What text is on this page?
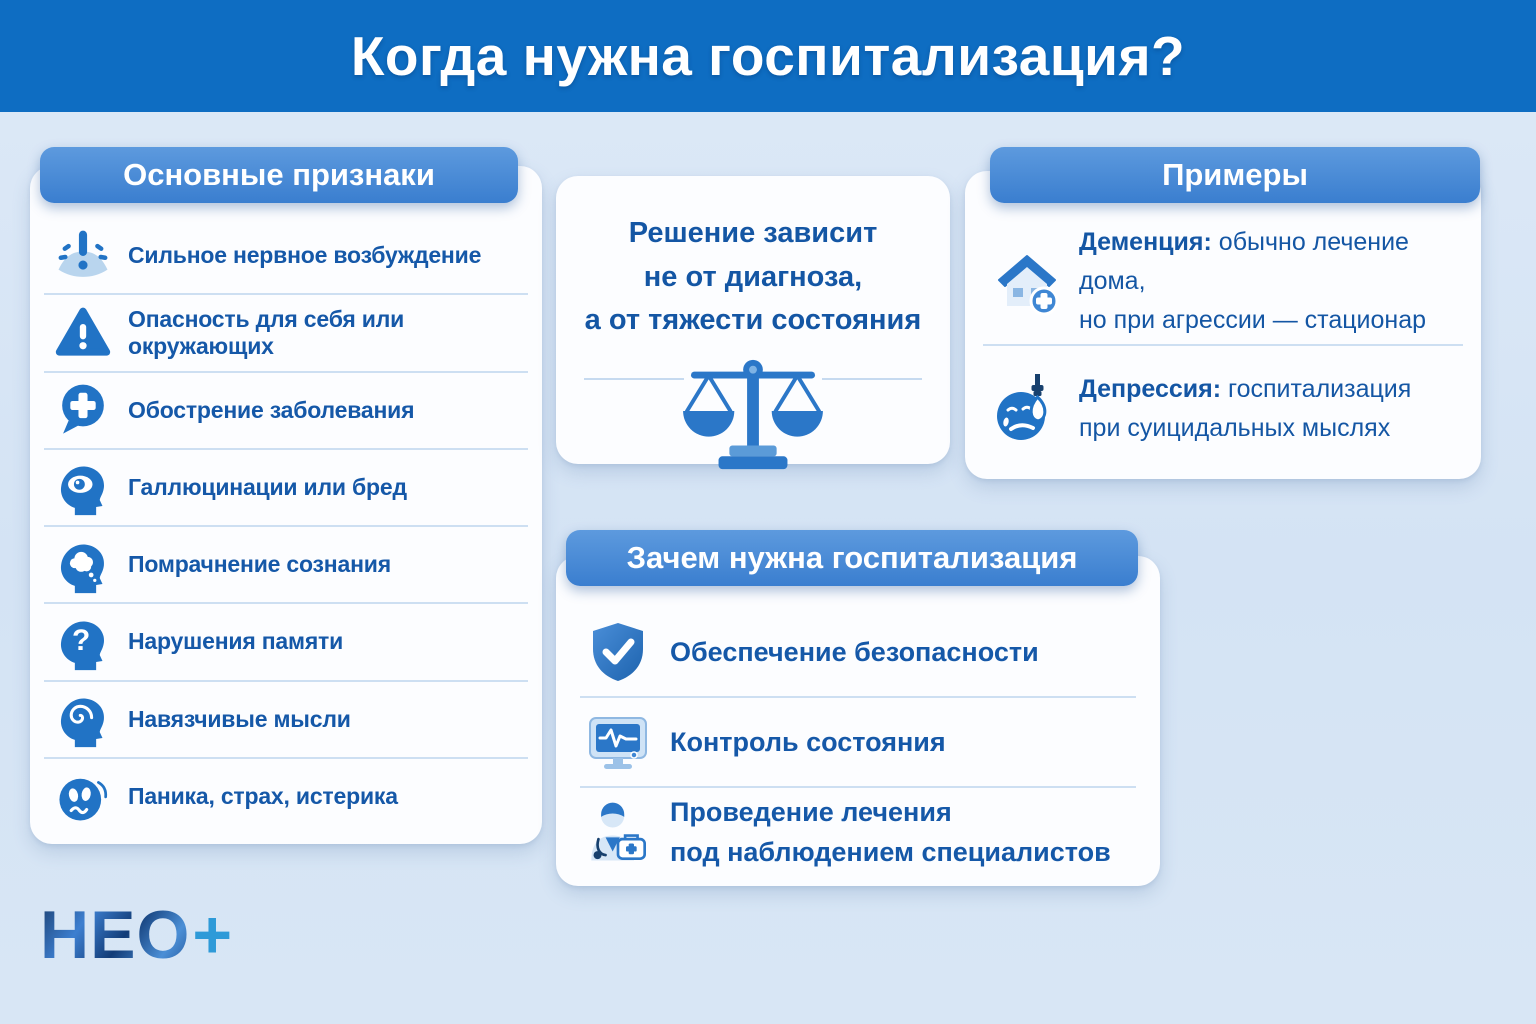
Когда нужна госпитализация?
Основные признаки
Сильное нервное возбуждение
Опасность для себя или окружающих
Обострение заболевания
Галлюцинации или бред
Помрачнение сознания
? Нарушения памяти
Навязчивые мысли
Паника, страх, истерика
Решение зависит
не от диагноза,
а от тяжести состояния
Примеры
Деменция: обычно лечение дома,
но при агрессии — стационар
Депрессия: госпитализация
при суицидальных мыслях
Зачем нужна госпитализация
Обеспечение безопасности
Контроль состояния
Проведение лечения
под наблюдением специалистов
НЕО +
